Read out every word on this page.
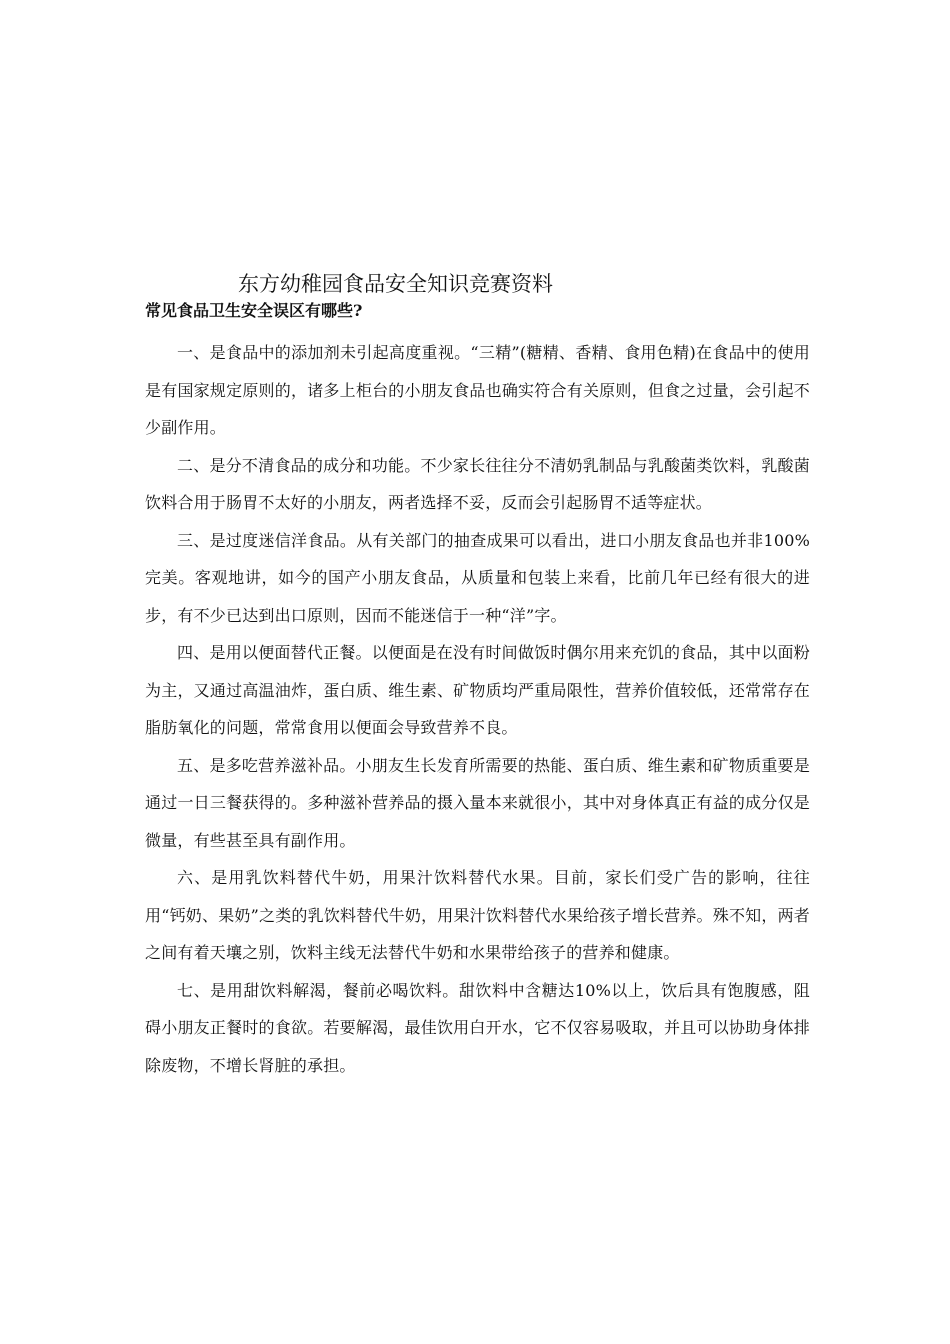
东方幼稚园食品安全知识竞赛资料
常见食品卫生安全误区有哪些?

一、是食品中的添加剂未引起高度重视。“三精”(糖精、香精、食用色精)在食品中的使用是有国家规定原则的，诸多上柜台的小朋友食品也确实符合有关原则，但食之过量，会引起不少副作用。

二、是分不清食品的成分和功能。不少家长往往分不清奶乳制品与乳酸菌类饮料，乳酸菌饮料合用于肠胃不太好的小朋友，两者选择不妥，反而会引起肠胃不适等症状。

三、是过度迷信洋食品。从有关部门的抽查成果可以看出，进口小朋友食品也并非100%完美。客观地讲，如今的国产小朋友食品，从质量和包装上来看，比前几年已经有很大的进步，有不少已达到出口原则，因而不能迷信于一种“洋”字。

四、是用以便面替代正餐。以便面是在没有时间做饭时偶尔用来充饥的食品，其中以面粉为主，又通过高温油炸，蛋白质、维生素、矿物质均严重局限性，营养价值较低，还常常存在脂肪氧化的问题，常常食用以便面会导致营养不良。

五、是多吃营养滋补品。小朋友生长发育所需要的热能、蛋白质、维生素和矿物质重要是通过一日三餐获得的。多种滋补营养品的摄入量本来就很小，其中对身体真正有益的成分仅是微量，有些甚至具有副作用。

六、是用乳饮料替代牛奶，用果汁饮料替代水果。目前，家长们受广告的影响，往往用“钙奶、果奶”之类的乳饮料替代牛奶，用果汁饮料替代水果给孩子增长营养。殊不知，两者之间有着天壤之别，饮料主线无法替代牛奶和水果带给孩子的营养和健康。

七、是用甜饮料解渴，餐前必喝饮料。甜饮料中含糖达10%以上，饮后具有饱腹感，阻碍小朋友正餐时的食欲。若要解渴，最佳饮用白开水，它不仅容易吸取，并且可以协助身体排除废物，不增长肾脏的承担。
